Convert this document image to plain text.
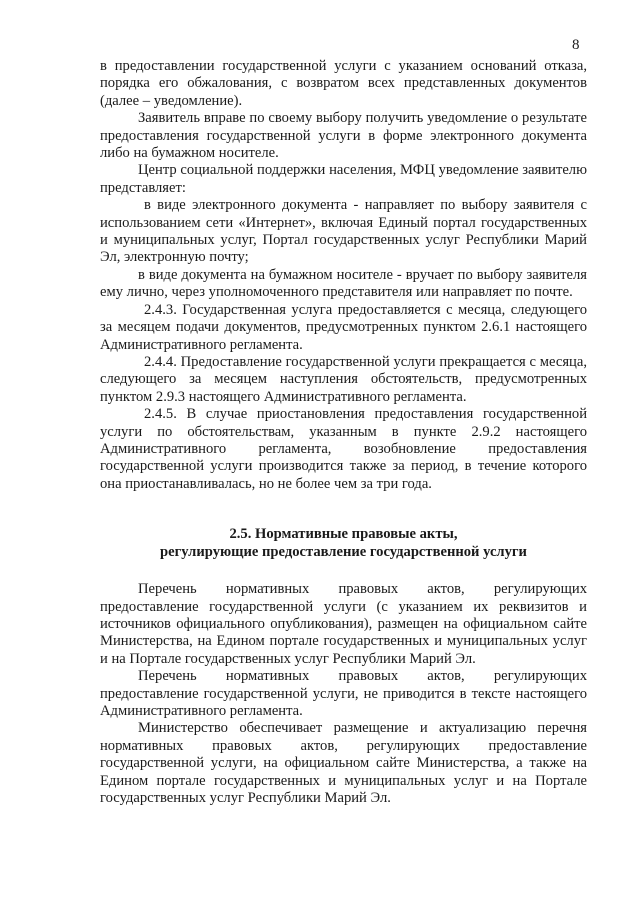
8

в предоставлении государственной услуги с указанием оснований отказа, порядка его обжалования, с возвратом всех представленных документов (далее – уведомление).

Заявитель вправе по своему выбору получить уведомление о результате предоставления государственной услуги в форме электронного документа либо на бумажном носителе.

Центр социальной поддержки населения, МФЦ уведомление заявителю представляет:

в виде электронного документа - направляет по выбору заявителя с использованием сети «Интернет», включая Единый портал государственных и муниципальных услуг, Портал государственных услуг Республики Марий Эл, электронную почту;

в виде документа на бумажном носителе - вручает по выбору заявителя ему лично, через уполномоченного представителя или направляет по почте.

2.4.3. Государственная услуга предоставляется с месяца, следующего за месяцем подачи документов, предусмотренных пунктом 2.6.1 настоящего Административного регламента.

2.4.4. Предоставление государственной услуги прекращается с месяца, следующего за месяцем наступления обстоятельств, предусмотренных пунктом 2.9.3 настоящего Административного регламента.

2.4.5. В случае приостановления предоставления государственной услуги по обстоятельствам, указанным в пункте 2.9.2 настоящего Административного регламента, возобновление предоставления государственной услуги производится также за период, в течение которого она приостанавливалась, но не более чем за три года.

2.5. Нормативные правовые акты,
регулирующие предоставление государственной услуги

Перечень нормативных правовых актов, регулирующих предоставление государственной услуги (с указанием их реквизитов и источников официального опубликования), размещен на официальном сайте Министерства, на Едином портале государственных и муниципальных услуг и на Портале государственных услуг Республики Марий Эл.

Перечень нормативных правовых актов, регулирующих предоставление государственной услуги, не приводится в тексте настоящего Административного регламента.

Министерство обеспечивает размещение и актуализацию перечня нормативных правовых актов, регулирующих предоставление государственной услуги, на официальном сайте Министерства, а также на Едином портале государственных и муниципальных услуг и на Портале государственных услуг Республики Марий Эл.
